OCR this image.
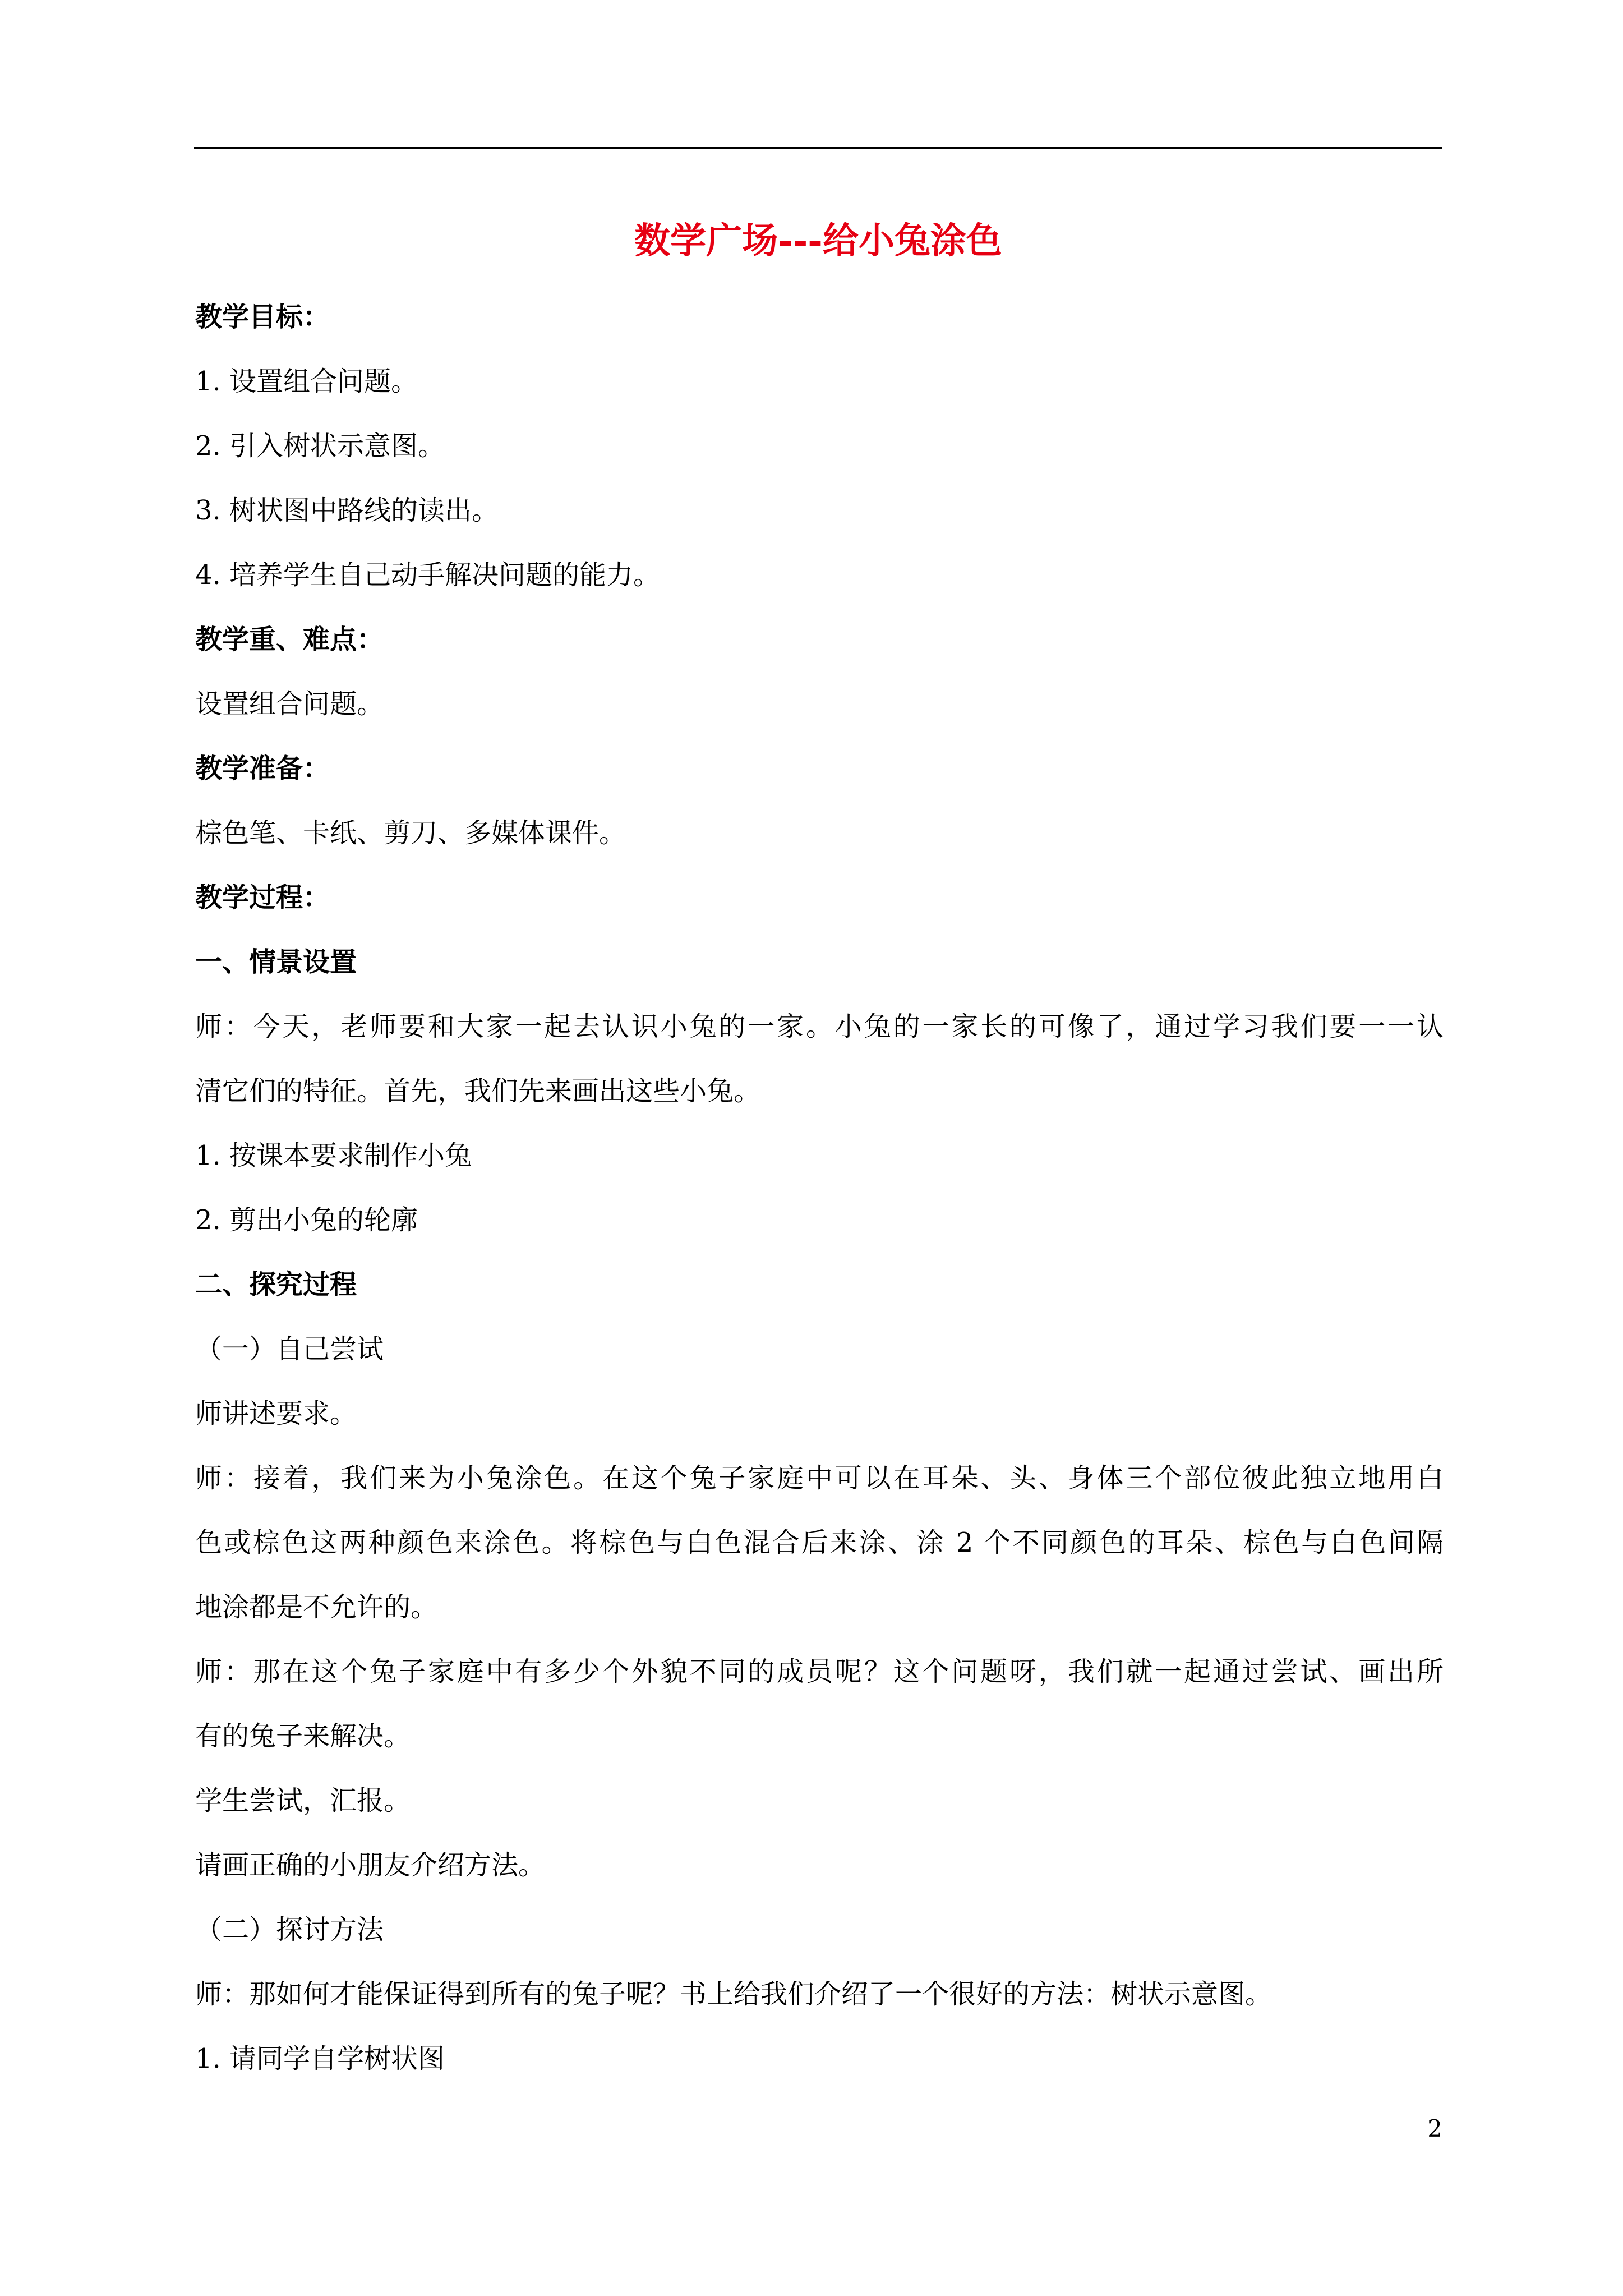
数学广场---给小兔涂色
教学目标：
1. 设置组合问题。
2. 引入树状示意图。
3. 树状图中路线的读出。
4. 培养学生自己动手解决问题的能力。
教学重、难点：
设置组合问题。
教学准备：
棕色笔、卡纸、剪刀、多媒体课件。
教学过程：
一、情景设置
师：今天，老师要和大家一起去认识小兔的一家。小兔的一家长的可像了，通过学习我们要一一认
清它们的特征。首先，我们先来画出这些小兔。
1. 按课本要求制作小兔
2. 剪出小兔的轮廓
二、探究过程
（一）自己尝试
师讲述要求。
师：接着，我们来为小兔涂色。在这个兔子家庭中可以在耳朵、头、身体三个部位彼此独立地用白
色或棕色这两种颜色来涂色。将棕色与白色混合后来涂、涂 2 个不同颜色的耳朵、棕色与白色间隔
地涂都是不允许的。
师：那在这个兔子家庭中有多少个外貌不同的成员呢？这个问题呀，我们就一起通过尝试、画出所
有的兔子来解决。
学生尝试，汇报。
请画正确的小朋友介绍方法。
（二）探讨方法
师：那如何才能保证得到所有的兔子呢？书上给我们介绍了一个很好的方法：树状示意图。
1. 请同学自学树状图
2
